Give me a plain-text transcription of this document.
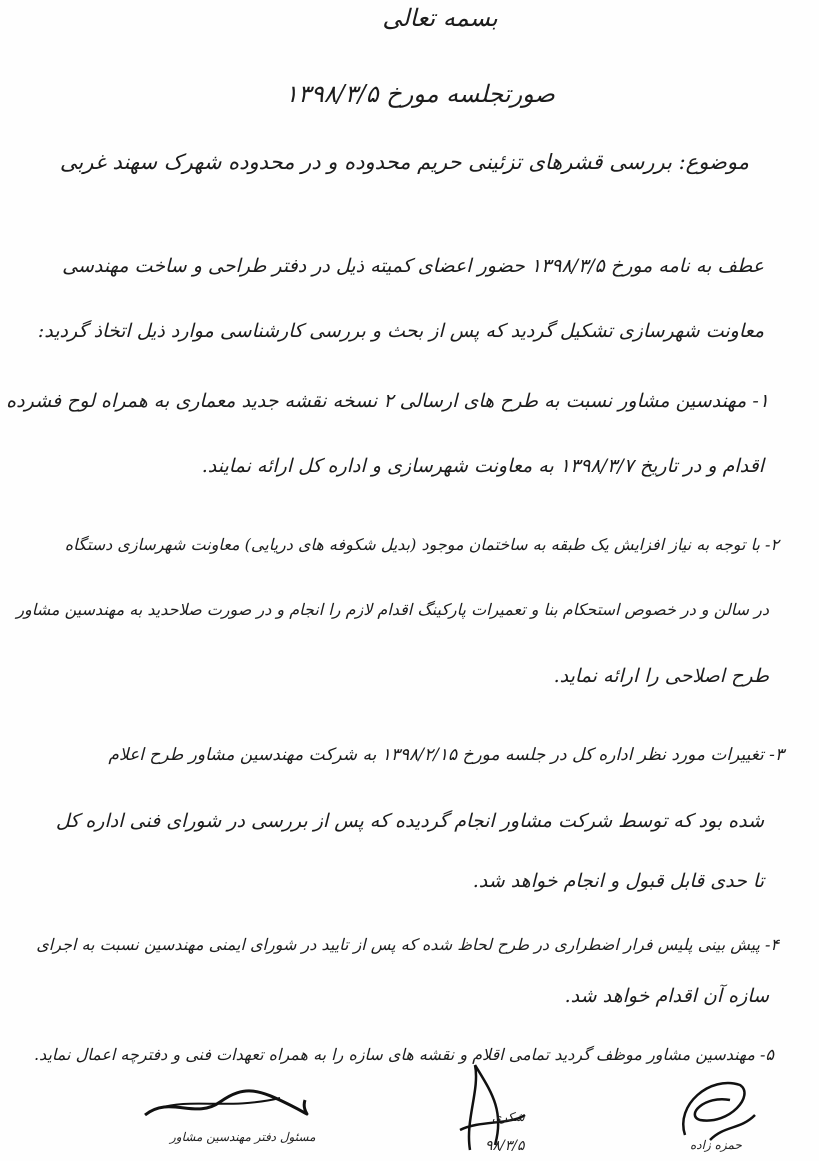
بسمه تعالی
صورتجلسه مورخ ۱۳۹۸/۳/۵
موضوع: بررسی قشرهای تزئینی حریم محدوده و در محدوده شهرک سهند غربی
عطف به نامه مورخ ۱۳۹۸/۳/۵ حضور اعضای کمیته ذیل در دفتر طراحی و ساخت مهندسی
معاونت شهرسازی تشکیل گردید که پس از بحث و بررسی کارشناسی موارد ذیل اتخاذ گردید:
۱- مهندسین مشاور نسبت به طرح های ارسالی ۲ نسخه نقشه جدید معماری به همراه لوح فشرده
اقدام و در تاریخ ۱۳۹۸/۳/۷ به معاونت شهرسازی و اداره کل ارائه نمایند.
۲- با توجه به نیاز افزایش یک طبقه به ساختمان موجود (بدیل شکوفه های دریایی) معاونت شهرسازی دستگاه
در سالن و در خصوص استحکام بنا و تعمیرات پارکینگ اقدام لازم را انجام و در صورت صلاحدید به مهندسین مشاور
طرح اصلاحی را ارائه نماید.
۳- تغییرات مورد نظر اداره کل در جلسه مورخ ۱۳۹۸/۲/۱۵ به شرکت مهندسین مشاور طرح اعلام
شده بود که توسط شرکت مشاور انجام گردیده که پس از بررسی در شورای فنی اداره کل
تا حدی قابل قبول و انجام خواهد شد.
۴- پیش بینی پلیس فرار اضطراری در طرح لحاظ شده که پس از تایید در شورای ایمنی مهندسین نسبت به اجرای
سازه آن اقدام خواهد شد.
۵- مهندسین مشاور موظف گردید تمامی اقلام و نقشه های سازه را به همراه تعهدات فنی و دفترچه اعمال نماید.
مسئول دفتر مهندسین مشاور
شکری
۹۸/۳/۵	حمزه زاده
